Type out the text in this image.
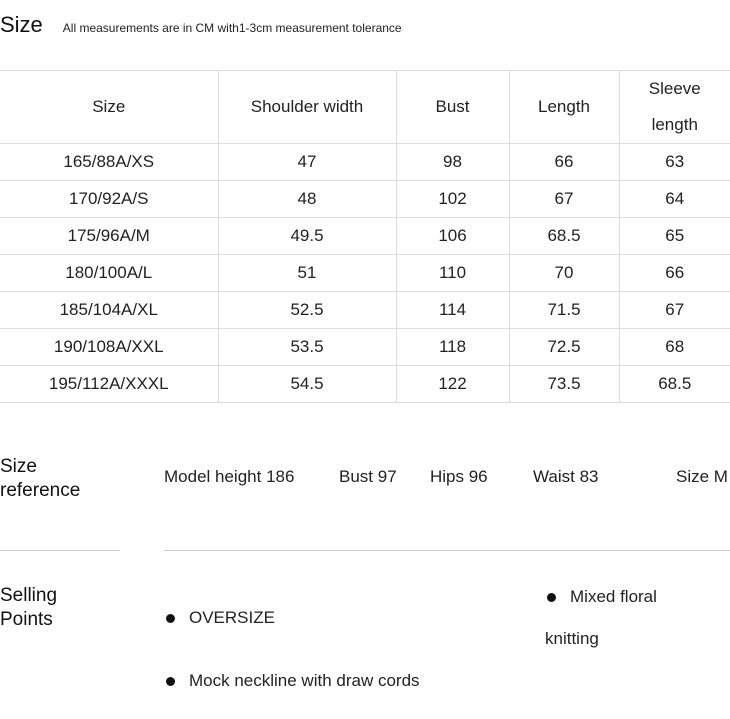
Size All measurements are in CM with1-3cm measurement tolerance
Size	Shoulder width	Bust	Length	Sleeve length
165/88A/XS	47	98	66	63
170/92A/S	48	102	67	64
175/96A/M	49.5	106	68.5	65
180/100A/L	51	110	70	66
185/104A/XL	52.5	114	71.5	67
190/108A/XXL	53.5	118	72.5	68
195/112A/XXXL	54.5	122	73.5	68.5
Size
reference
Model height 186	Bust 97 Hips 96	Waist 83	Size M
Selling
Points	OVERSIZE
Mock neckline with draw cords
Mixed floral
knitting
